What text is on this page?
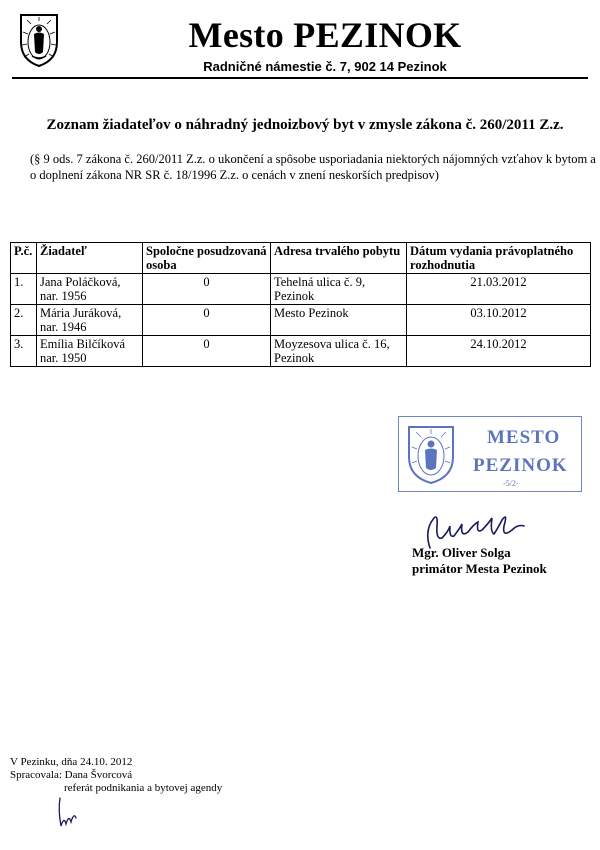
Mesto PEZINOK
Radničné námestie č. 7, 902 14 Pezinok
Zoznam žiadateľov o náhradný jednoizbový byt v zmysle zákona č. 260/2011 Z.z.
(§ 9 ods. 7 zákona č. 260/2011 Z.z. o ukončení a spôsobe usporiadania niektorých nájomných vzťahov k bytom a o doplnení zákona NR SR č. 18/1996 Z.z. o cenách v znení neskorších predpisov)
P.č.	Žiadateľ	Spoločne posudzovaná osoba	Adresa trvalého pobytu	Dátum vydania právoplatného rozhodnutia
1.	Jana Poláčková, nar. 1956	0	Tehelná ulica č. 9, Pezinok	21.03.2012
2.	Mária Juráková, nar. 1946	0	Mesto Pezinok	03.10.2012
3.	Emília Bilčíková nar. 1950	0	Moyzesova ulica č. 16, Pezinok	24.10.2012
MESTO
PEZINOK
-5/2-
Mgr. Oliver Solga
primátor Mesta Pezinok
V Pezinku, dňa 24.10. 2012
Spracovala: Dana Švorcová
referát podnikania a bytovej agendy
